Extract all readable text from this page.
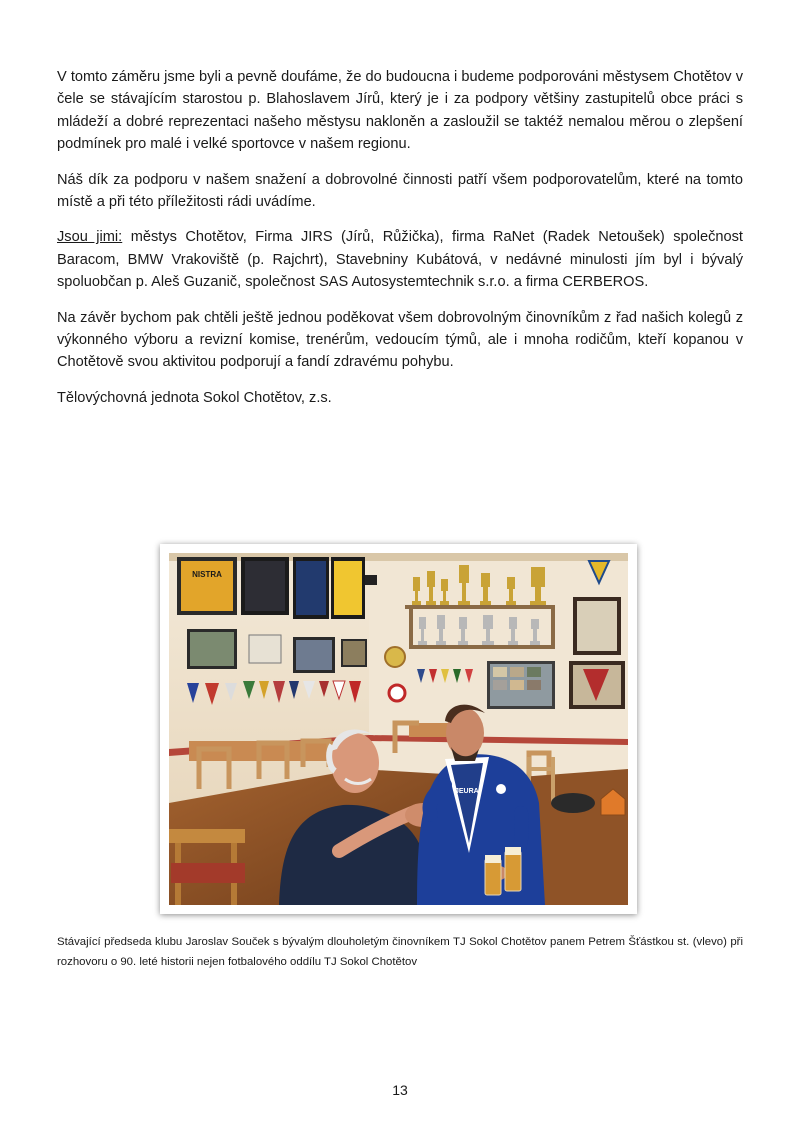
V tomto záměru jsme byli a pevně doufáme, že do budoucna i budeme podporováni městysem Chotětov v čele se stávajícím starostou p. Blahoslavem Jírů, který je i za podpory většiny zastupitelů obce práci s mládeží a dobré reprezentaci našeho městysu nakloněn a zasloužil se taktéž nemalou měrou o zlepšení podmínek pro malé i velké sportovce v našem regionu.

Náš dík za podporu v našem snažení a dobrovolné činnosti patří všem podporovatelům, které na tomto místě a při této příležitosti rádi uvádíme.

Jsou jimi: městys Chotětov, Firma JIRS (Jírů, Růžička), firma RaNet (Radek Netoušek) společnost Baracom, BMW Vrakoviště (p. Rajchrt), Stavebniny Kubátová, v nedávné minulosti jím byl i bývalý spoluobčan p. Aleš Guzanič, společnost SAS Autosystemtechnik s.r.o. a firma CERBEROS.

Na závěr bychom pak chtěli ještě jednou poděkovat všem dobrovolným činovníkům z řad našich kolegů z výkonného výboru a revizní komise, trenérům, vedoucím týmů, ale i mnoha rodičům, kteří kopanou v Chotětově svou aktivitou podporují a fandí zdravému pohybu.

Tělovýchovná jednota Sokol Chotětov, z.s.

NISTRA
JEURA
Stávající předseda klubu Jaroslav Souček s bývalým dlouholetým činovníkem TJ Sokol Chotětov panem Petrem Šťástkou st. (vlevo) při rozhovoru o 90. leté historii nejen fotbalového oddílu TJ Sokol Chotětov
13
